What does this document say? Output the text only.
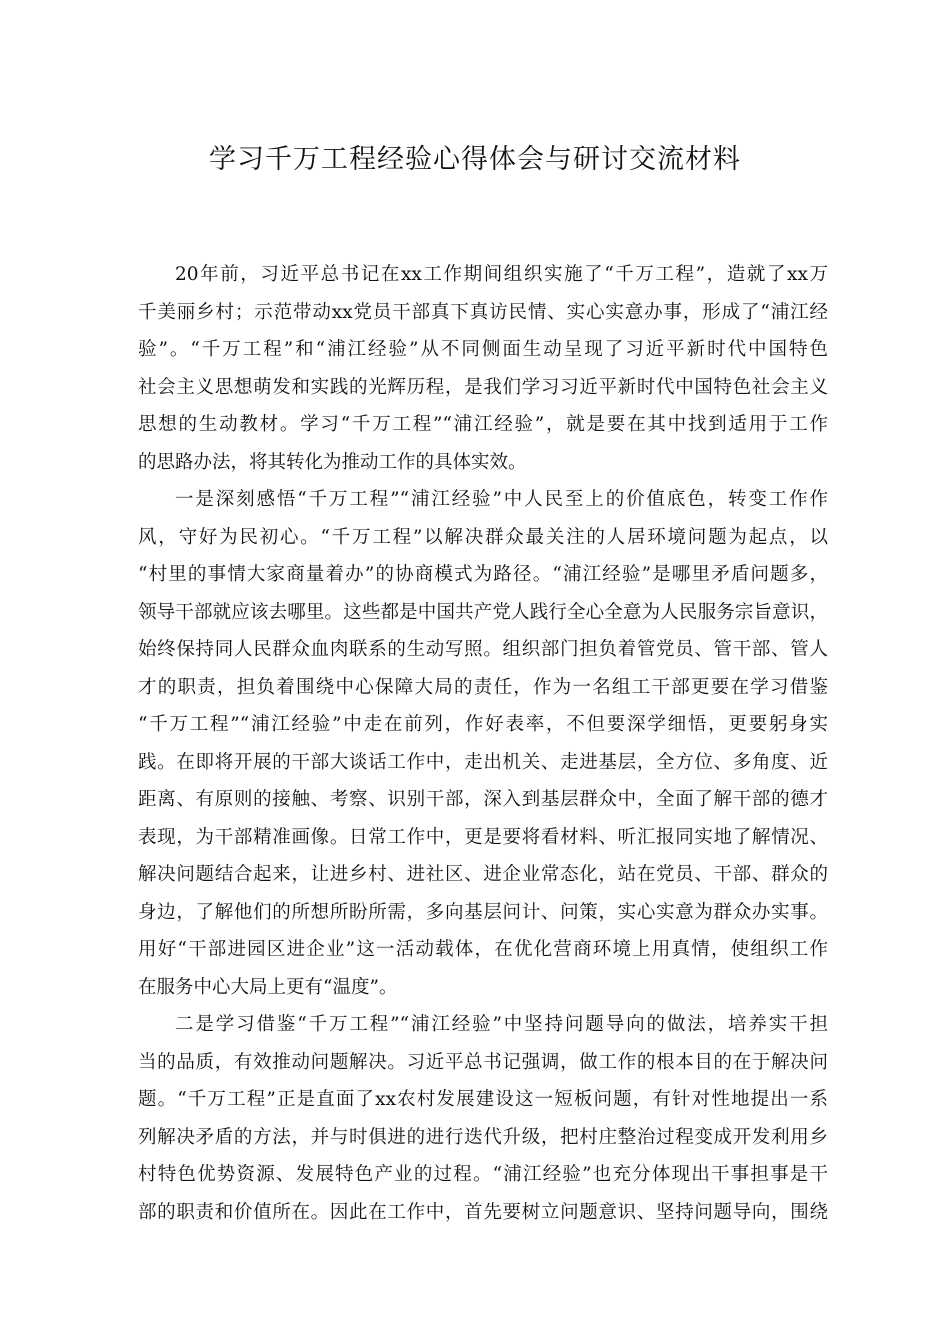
学习千万工程经验心得体会与研讨交流材料
20年前，习近平总书记在xx工作期间组织实施了“千万工程”，造就了xx万
千美丽乡村；示范带动xx党员干部真下真访民情、实心实意办事，形成了“浦江经
验”。“千万工程”和“浦江经验”从不同侧面生动呈现了习近平新时代中国特色
社会主义思想萌发和实践的光辉历程，是我们学习习近平新时代中国特色社会主义
思想的生动教材。学习“千万工程”“浦江经验”，就是要在其中找到适用于工作
的思路办法，将其转化为推动工作的具体实效。
一是深刻感悟“千万工程”“浦江经验”中人民至上的价值底色，转变工作作
风，守好为民初心。“千万工程”以解决群众最关注的人居环境问题为起点，以
“村里的事情大家商量着办”的协商模式为路径。“浦江经验”是哪里矛盾问题多，
领导干部就应该去哪里。这些都是中国共产党人践行全心全意为人民服务宗旨意识，
始终保持同人民群众血肉联系的生动写照。组织部门担负着管党员、管干部、管人
才的职责，担负着围绕中心保障大局的责任，作为一名组工干部更要在学习借鉴
“千万工程”“浦江经验”中走在前列，作好表率，不但要深学细悟，更要躬身实
践。在即将开展的干部大谈话工作中，走出机关、走进基层，全方位、多角度、近
距离、有原则的接触、考察、识别干部，深入到基层群众中，全面了解干部的德才
表现，为干部精准画像。日常工作中，更是要将看材料、听汇报同实地了解情况、
解决问题结合起来，让进乡村、进社区、进企业常态化，站在党员、干部、群众的
身边，了解他们的所想所盼所需，多向基层问计、问策，实心实意为群众办实事。
用好“干部进园区进企业”这一活动载体，在优化营商环境上用真情，使组织工作
在服务中心大局上更有“温度”。
二是学习借鉴“千万工程”“浦江经验”中坚持问题导向的做法，培养实干担
当的品质，有效推动问题解决。习近平总书记强调，做工作的根本目的在于解决问
题。“千万工程”正是直面了xx农村发展建设这一短板问题，有针对性地提出一系
列解决矛盾的方法，并与时俱进的进行迭代升级，把村庄整治过程变成开发利用乡
村特色优势资源、发展特色产业的过程。“浦江经验”也充分体现出干事担事是干
部的职责和价值所在。因此在工作中，首先要树立问题意识、坚持问题导向，围绕
